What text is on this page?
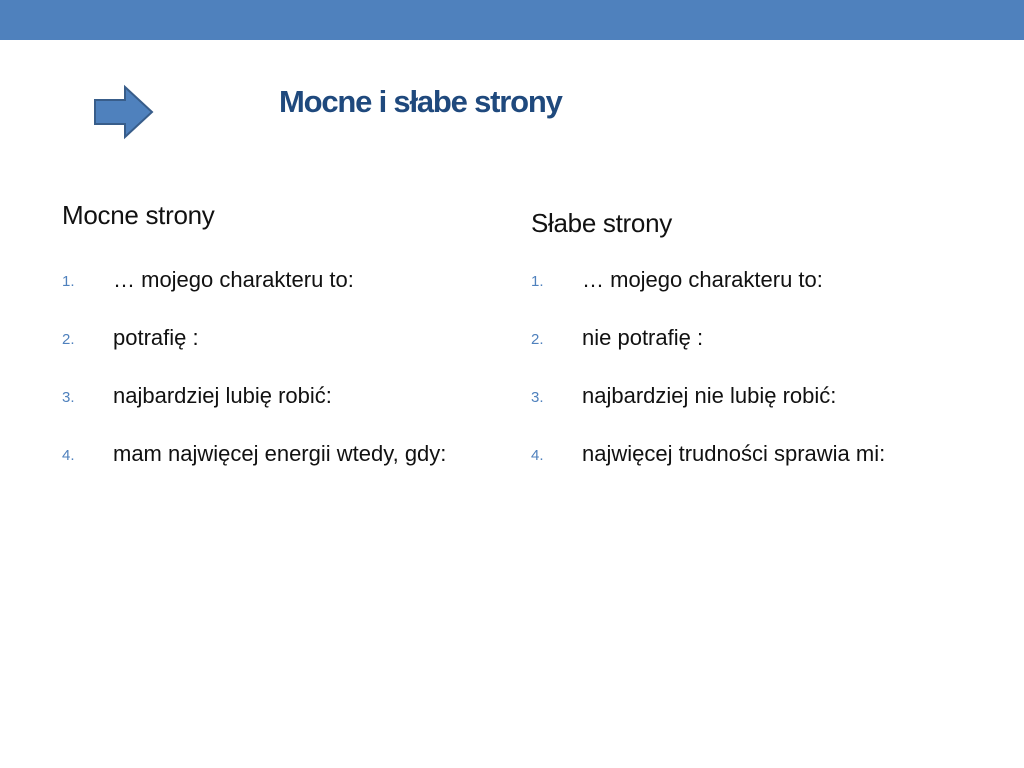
Mocne i słabe strony
Mocne strony
1. … mojego charakteru to:
2. potrafię :
3. najbardziej lubię robić:
4. mam najwięcej energii wtedy, gdy:
Słabe strony
1. … mojego charakteru to:
2. nie potrafię :
3. najbardziej nie lubię robić:
4. najwięcej trudności sprawia mi:
